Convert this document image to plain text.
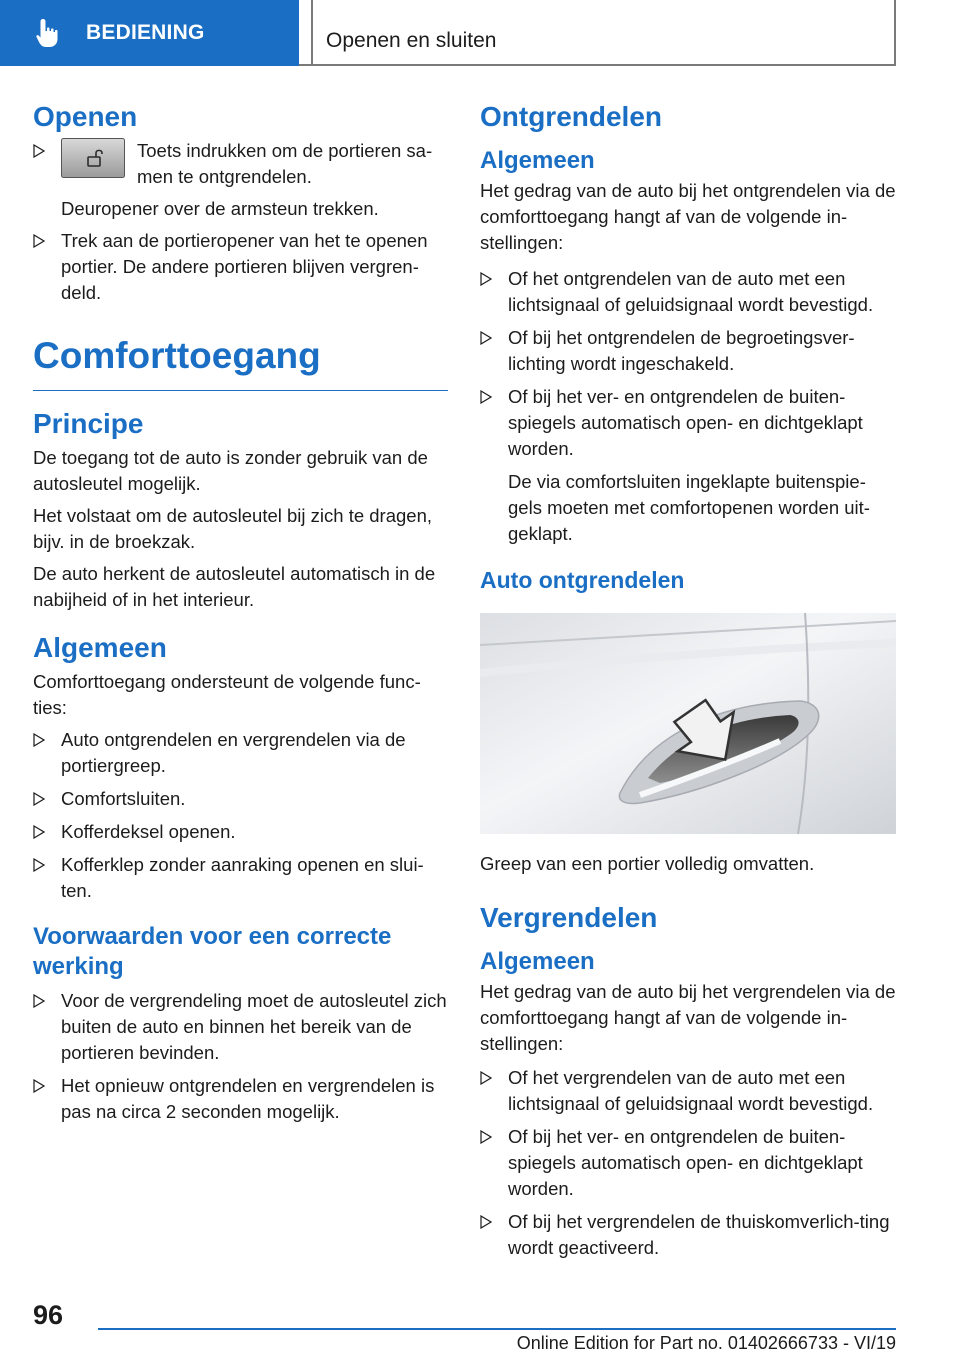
BEDIENING	Openen en sluiten
Openen
Toets indrukken om de portieren sa-men te ontgrendelen.

Deuropener over de armsteun trekken.

Trek aan de portieropener van het te openen portier. De andere portieren blijven vergren-deld.
Comforttoegang
Principe

De toegang tot de auto is zonder gebruik van de autosleutel mogelijk.

Het volstaat om de autosleutel bij zich te dragen, bijv. in de broekzak.

De auto herkent de autosleutel automatisch in de nabijheid of in het interieur.

Algemeen

Comforttoegang ondersteunt de volgende func-ties:

Auto ontgrendelen en vergrendelen via de portiergreep.
Comfortsluiten.
Kofferdeksel openen.
Kofferklep zonder aanraking openen en slui-ten.
Voorwaarden voor een correcte werking
Voor de vergrendeling moet de autosleutel zich buiten de auto en binnen het bereik van de portieren bevinden.
Het opnieuw ontgrendelen en vergrendelen is pas na circa 2 seconden mogelijk.
Ontgrendelen
Algemeen

Het gedrag van de auto bij het ontgrendelen via de comforttoegang hangt af van de volgende in-stellingen:

Of het ontgrendelen van de auto met een lichtsignaal of geluidsignaal wordt bevestigd.
Of bij het ontgrendelen de begroetingsver-lichting wordt ingeschakeld.
Of bij het ver- en ontgrendelen de buiten-spiegels automatisch open- en dichtgeklapt worden.

De via comfortsluiten ingeklapte buitenspie-gels moeten met comfortopenen worden uit-geklapt.

Auto ontgrendelen

Greep van een portier volledig omvatten.

Vergrendelen
Algemeen

Het gedrag van de auto bij het vergrendelen via de comforttoegang hangt af van de volgende in-stellingen:

Of het vergrendelen van de auto met een lichtsignaal of geluidsignaal wordt bevestigd.
Of bij het ver- en ontgrendelen de buiten-spiegels automatisch open- en dichtgeklapt worden.
Of bij het vergrendelen de thuiskomverlich-ting wordt geactiveerd.
96
Online Edition for Part no. 01402666733 - VI/19
